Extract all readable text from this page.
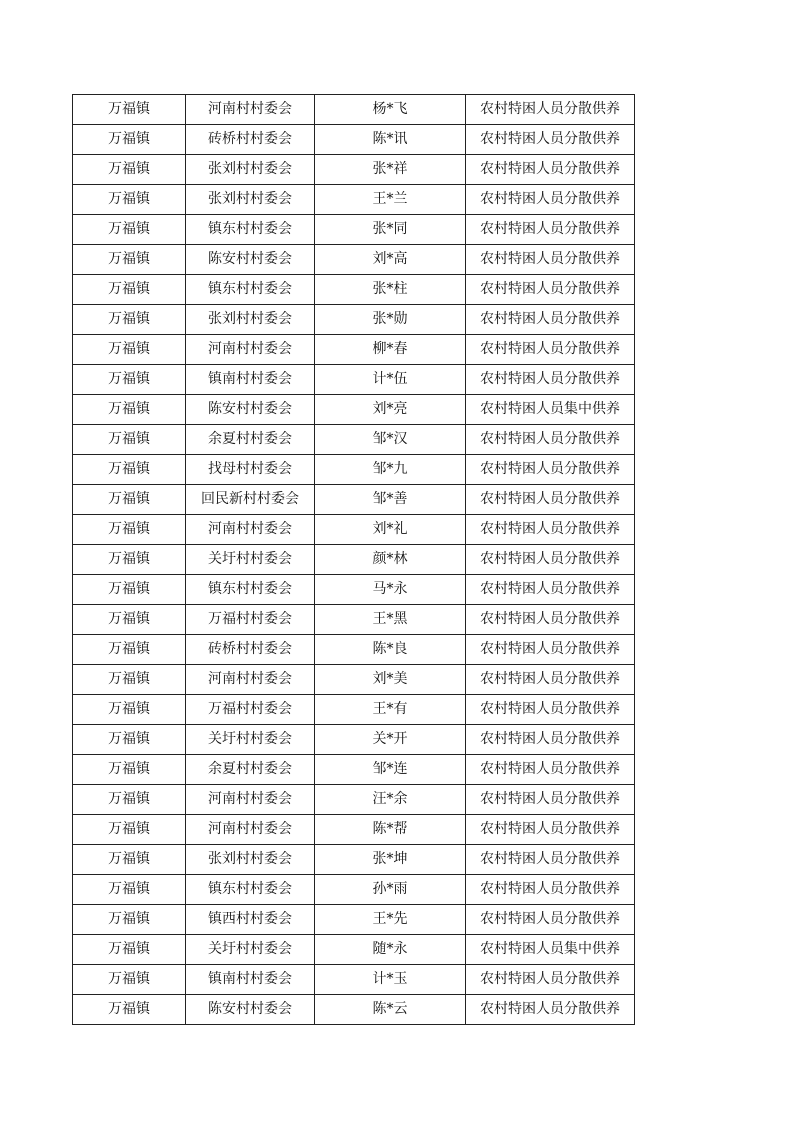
万福镇	河南村村委会	杨*飞	农村特困人员分散供养
万福镇	砖桥村村委会	陈*讯	农村特困人员分散供养
万福镇	张刘村村委会	张*祥	农村特困人员分散供养
万福镇	张刘村村委会	王*兰	农村特困人员分散供养
万福镇	镇东村村委会	张*同	农村特困人员分散供养
万福镇	陈安村村委会	刘*高	农村特困人员分散供养
万福镇	镇东村村委会	张*柱	农村特困人员分散供养
万福镇	张刘村村委会	张*勋	农村特困人员分散供养
万福镇	河南村村委会	柳*春	农村特困人员分散供养
万福镇	镇南村村委会	计*伍	农村特困人员分散供养
万福镇	陈安村村委会	刘*亮	农村特困人员集中供养
万福镇	余夏村村委会	邹*汉	农村特困人员分散供养
万福镇	找母村村委会	邹*九	农村特困人员分散供养
万福镇	回民新村村委会	邹*善	农村特困人员分散供养
万福镇	河南村村委会	刘*礼	农村特困人员分散供养
万福镇	关圩村村委会	颜*林	农村特困人员分散供养
万福镇	镇东村村委会	马*永	农村特困人员分散供养
万福镇	万福村村委会	王*黑	农村特困人员分散供养
万福镇	砖桥村村委会	陈*良	农村特困人员分散供养
万福镇	河南村村委会	刘*美	农村特困人员分散供养
万福镇	万福村村委会	王*有	农村特困人员分散供养
万福镇	关圩村村委会	关*开	农村特困人员分散供养
万福镇	余夏村村委会	邹*连	农村特困人员分散供养
万福镇	河南村村委会	汪*余	农村特困人员分散供养
万福镇	河南村村委会	陈*帮	农村特困人员分散供养
万福镇	张刘村村委会	张*坤	农村特困人员分散供养
万福镇	镇东村村委会	孙*雨	农村特困人员分散供养
万福镇	镇西村村委会	王*先	农村特困人员分散供养
万福镇	关圩村村委会	随*永	农村特困人员集中供养
万福镇	镇南村村委会	计*玉	农村特困人员分散供养
万福镇	陈安村村委会	陈*云	农村特困人员分散供养
